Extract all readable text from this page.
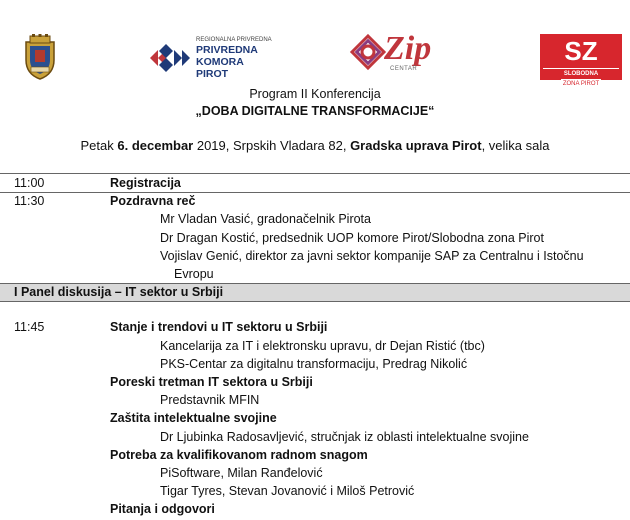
REGIONALNA PRIVREDNA
PRIVREDNA
KOMORA
PIROT
Zip
CENTAR
SZ
SLOBODNA ZONA PIROT
Program II Konferencija
„DOBA DIGITALNE TRANSFORMACIJE“
Petak 6. decembar 2019, Srpskih Vladara 82, Gradska uprava Pirot, velika sala
11:00	Registracija
11:30	Pozdravna reč
Mr Vladan Vasić, gradonačelnik Pirota
Dr Dragan Kostić, predsednik UOP komore Pirot/Slobodna zona Pirot
Vojislav Genić, direktor za javni sektor kompanije SAP za Centralnu i Istočnu
Evropu
I Panel diskusija – IT sektor u Srbiji
11:45	Stanje i trendovi u IT sektoru u Srbiji
Kancelarija za IT i elektronsku upravu, dr Dejan Ristić (tbc)
PKS-Centar za digitalnu transformaciju, Predrag Nikolić
Poreski tretman IT sektora u Srbiji
Predstavnik MFIN
Zaštita intelektualne svojine
Dr Ljubinka Radosavljević, stručnjak iz oblasti intelektualne svojine
Potreba za kvalifikovanom radnom snagom
PiSoftware, Milan Ranđelović
Tigar Tyres, Stevan Jovanović i Miloš Petrović
Pitanja i odgovori
